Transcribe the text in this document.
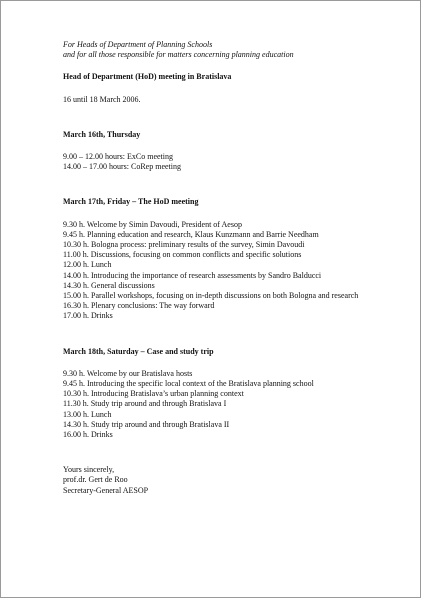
For Heads of Department of Planning Schools
and for all those responsible for matters concerning planning education
Head of Department (HoD) meeting in Bratislava
16 until 18 March 2006.
March 16th, Thursday
9.00 – 12.00 hours: ExCo meeting
14.00 – 17.00 hours: CoRep meeting
March 17th, Friday – The HoD meeting
9.30 h. Welcome by Simin Davoudi, President of Aesop
9.45 h. Planning education and research, Klaus Kunzmann and Barrie Needham
10.30 h. Bologna process: preliminary results of the survey, Simin Davoudi
11.00 h. Discussions, focusing on common conflicts and specific solutions
12.00 h. Lunch
14.00 h. Introducing the importance of research assessments by Sandro Balducci
14.30 h. General discussions
15.00 h. Parallel workshops, focusing on in-depth discussions on both Bologna and research
16.30 h. Plenary conclusions: The way forward
17.00 h. Drinks
March 18th, Saturday – Case and study trip
9.30 h. Welcome by our Bratislava hosts
9.45 h. Introducing the specific local context of the Bratislava planning school
10.30 h. Introducing Bratislava’s urban planning context
11.30 h. Study trip around and through Bratislava I
13.00 h. Lunch
14.30 h. Study trip around and through Bratislava II
16.00 h. Drinks
Yours sincerely,
prof.dr. Gert de Roo
Secretary-General AESOP
